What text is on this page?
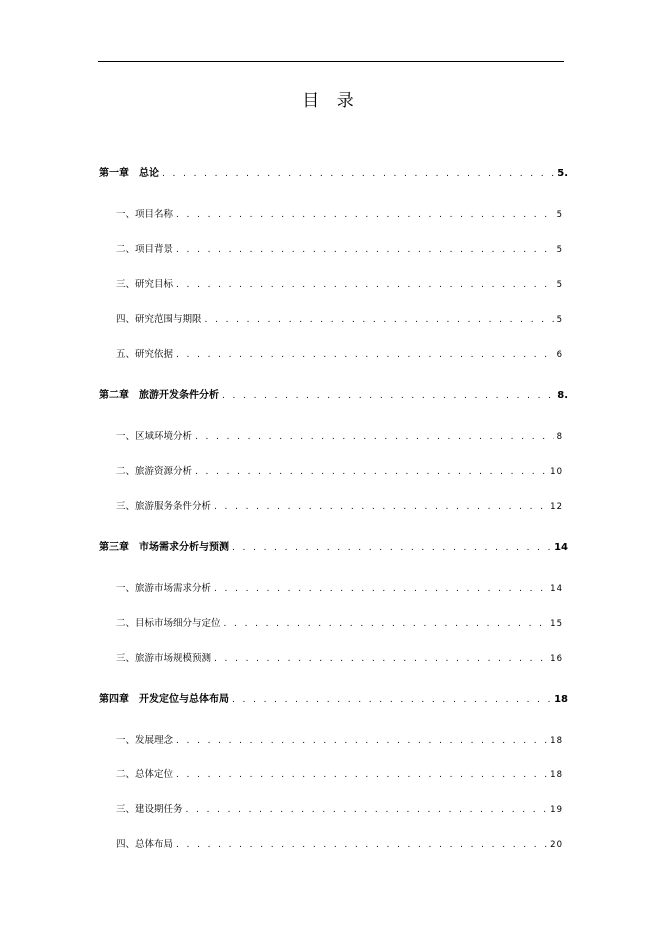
目 录
第一章 总论 . . .	5.
一、 项目名称 . . .	5
二、 项目背景 . . .	5
三、 研究目标 . . .	5
四、 研究范围与期限 . . .	5
五、 研究依据 . . .	6
第二章 旅游开发条件分析 . . .	8.
一、 区域环境分析 . . .	8
二、 旅游资源分析 . . .	10
三、 旅游服务条件分析 . . .	12
第三章 市场需求分析与预测 . . .	14
一、 旅游市场需求分析 . . .	14
二、 目标市场细分与定位 . . .	15
三、 旅游市场规模预测 . . .	16
第四章 开发定位与总体布局 . . .	18
一、 发展理念 . . .	18
二、 总体定位 . . .	18
三、 建设期任务 . . .	19
四、 总体布局 . . .	20
